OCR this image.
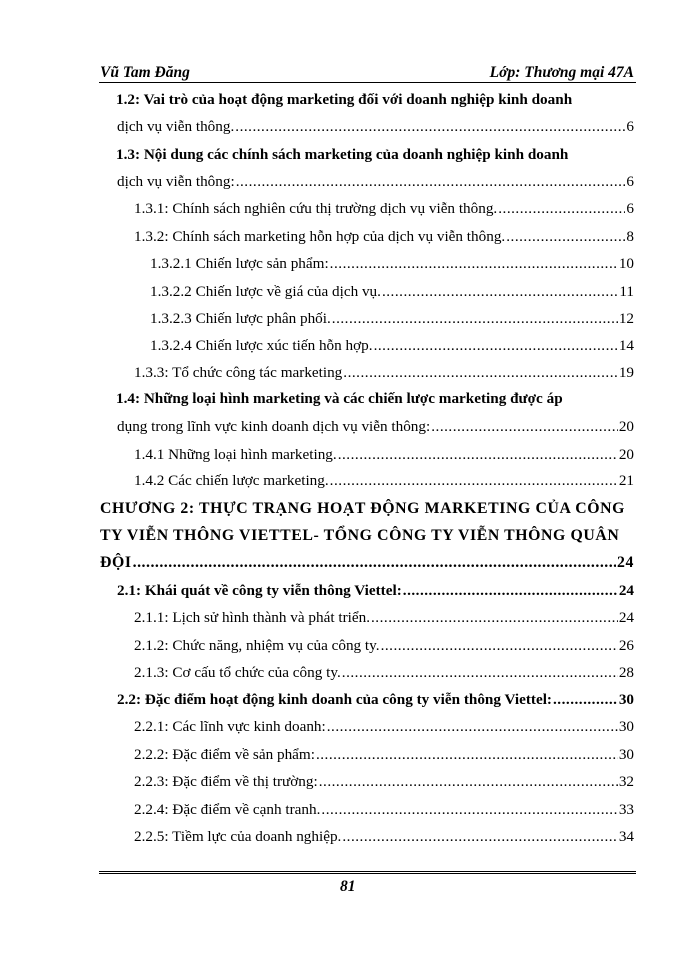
Vũ Tam Đăng	Lớp: Thương mại 47A
1.2: Vai trò của hoạt động marketing đối với doanh nghiệp kinh doanh
dịch vụ viễn thông. .....	6
1.3: Nội dung các chính sách marketing của doanh nghiệp kinh doanh
dịch vụ viễn thông: .....	6
1.3.1: Chính sách nghiên cứu thị trường dịch vụ viễn thông. .....	6
1.3.2: Chính sách marketing hỗn hợp của dịch vụ viễn thông. .....	8
1.3.2.1 Chiến lược sản phẩm: .....	10
1.3.2.2 Chiến lược về giá của dịch vụ. .....	11
1.3.2.3 Chiến lược phân phối. .....	12
1.3.2.4 Chiến lược xúc tiến hỗn hợp. .....	14
1.3.3: Tổ chức công tác marketing .....	19
1.4: Những loại hình marketing và các chiến lược marketing được áp
dụng trong lĩnh vực kinh doanh dịch vụ viễn thông: .....	20
1.4.1 Những loại hình marketing. .....	20
1.4.2 Các chiến lược marketing. .....	21
CHƯƠNG 2: THỰC TRẠNG HOẠT ĐỘNG MARKETING CỦA CÔNG
TY VIỄN THÔNG VIETTEL- TỔNG CÔNG TY VIỄN THÔNG QUÂN
ĐỘI .....	24
2.1: Khái quát về công ty viễn thông Viettel: .....	24
2.1.1: Lịch sử hình thành và phát triển. .....	24
2.1.2: Chức năng, nhiệm vụ của công ty. .....	26
2.1.3: Cơ cấu tổ chức của công ty. .....	28
2.2: Đặc điểm hoạt động kinh doanh của công ty viễn thông Viettel: .....	30
2.2.1: Các lĩnh vực kinh doanh: .....	30
2.2.2: Đặc điểm về sản phẩm: .....	30
2.2.3: Đặc điểm về thị trường: .....	32
2.2.4: Đặc điểm về cạnh tranh. .....	33
2.2.5: Tiềm lực của doanh nghiệp. .....	34
81
